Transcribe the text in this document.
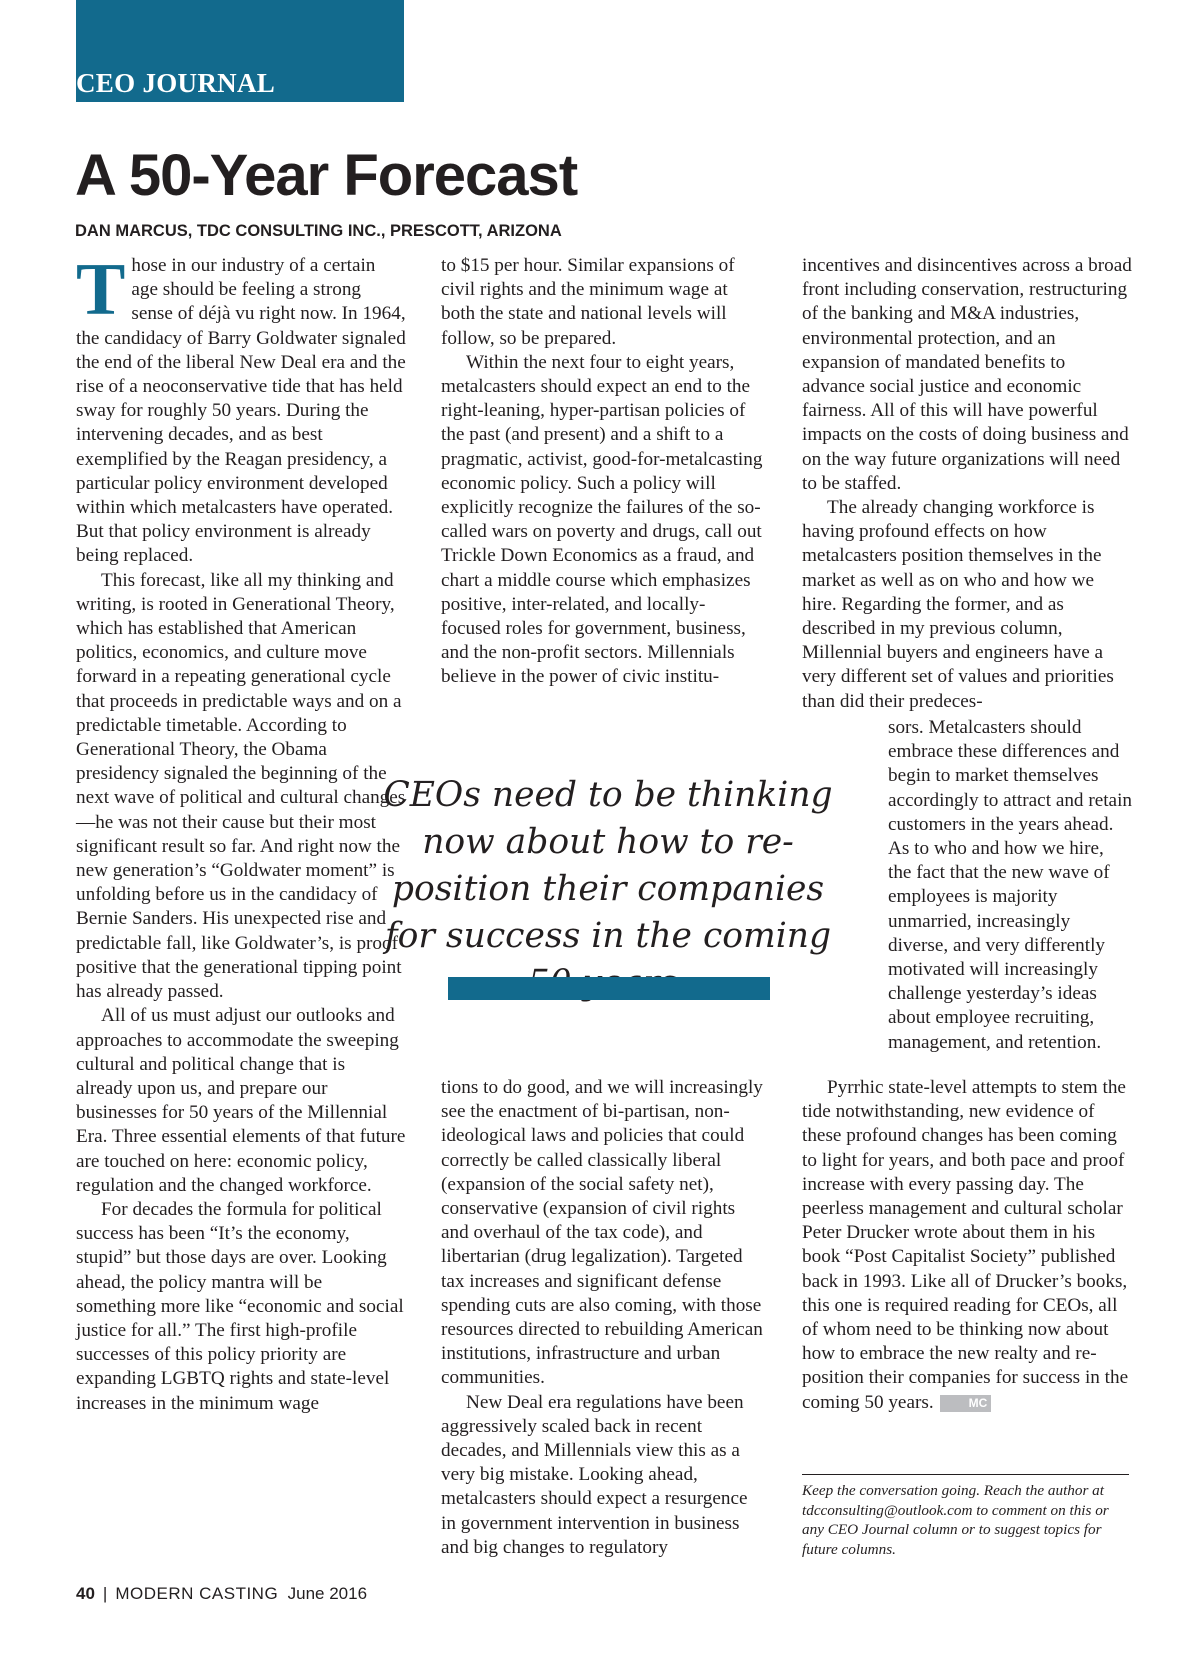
CEO JOURNAL
A 50-Year Forecast
DAN MARCUS, TDC CONSULTING INC., PRESCOTT, ARIZONA

Those in our industry of a certain age should be feeling a strong sense of déjà vu right now. In 1964, the candidacy of Barry Goldwater signaled the end of the liberal New Deal era and the rise of a neoconservative tide that has held sway for roughly 50 years. During the intervening decades, and as best exemplified by the Reagan presidency, a particular policy environment developed within which metalcasters have operated. But that policy environment is already being replaced.

This forecast, like all my thinking and writing, is rooted in Generational Theory, which has established that American politics, economics, and culture move forward in a repeating generational cycle that proceeds in predictable ways and on a predictable timetable. According to Generational Theory, the Obama presidency signaled the beginning of the next wave of political and cultural changes—he was not their cause but their most significant result so far. And right now the new generation’s “Goldwater moment” is unfolding before us in the candidacy of Bernie Sanders. His unexpected rise and predictable fall, like Goldwater’s, is proof positive that the generational tipping point has already passed.

All of us must adjust our outlooks and approaches to accommodate the sweeping cultural and political change that is already upon us, and prepare our businesses for 50 years of the Millennial Era. Three essential elements of that future are touched on here: economic policy, regulation and the changed workforce.

For decades the formula for political success has been “It’s the economy, stupid” but those days are over. Looking ahead, the policy mantra will be something more like “economic and social justice for all.” The first high-profile successes of this policy priority are expanding LGBTQ rights and state-level increases in the minimum wage

to $15 per hour. Similar expansions of civil rights and the minimum wage at both the state and national levels will follow, so be prepared.

Within the next four to eight years, metalcasters should expect an end to the right-leaning, hyper-partisan policies of the past (and present) and a shift to a pragmatic, activist, good-for-metalcasting economic policy. Such a policy will explicitly recognize the failures of the so-called wars on poverty and drugs, call out Trickle Down Economics as a fraud, and chart a middle course which emphasizes positive, inter-related, and locally-focused roles for government, business, and the non-profit sectors. Millennials believe in the power of civic institu-

CEOs need to be thinking now about how to re-position their companies for success in the coming

tions to do good, and we will increasingly see the enactment of bi-partisan, non-ideological laws and policies that could correctly be called classically liberal (expansion of the social safety net), conservative (expansion of civil rights and overhaul of the tax code), and libertarian (drug legalization). Targeted tax increases and significant defense spending cuts are also coming, with those resources directed to rebuilding American institutions, infrastructure and urban communities.

New Deal era regulations have been aggressively scaled back in recent decades, and Millennials view this as a very big mistake. Looking ahead, metalcasters should expect a resurgence in government intervention in business and big changes to regulatory

incentives and disincentives across a broad front including conservation, restructuring of the banking and M&A industries, environmental protection, and an expansion of mandated benefits to advance social justice and economic fairness. All of this will have powerful impacts on the costs of doing business and on the way future organizations will need to be staffed.

The already changing workforce is having profound effects on how metalcasters position themselves in the market as well as on who and how we hire. Regarding the former, and as described in my previous column, Millennial buyers and engineers have a very different set of values and priorities than did their predeces-

sors. Metalcasters should embrace these differences and begin to market themselves accordingly to attract and retain customers in the years ahead. As to who and how we hire, the fact that the new wave of employees is majority unmarried, increasingly diverse, and very differently motivated will increasingly challenge yesterday’s ideas about employee recruiting, management, and retention.

Pyrrhic state-level attempts to stem the tide notwithstanding, new evidence of these profound changes has been coming to light for years, and both pace and proof increase with every passing day. The peerless management and cultural scholar Peter Drucker wrote about them in his book “Post Capitalist Society” published back in 1993. Like all of Drucker’s books, this one is required reading for CEOs, all of whom need to be thinking now about how to embrace the new realty and re-position their companies for success in the coming 50 years.	MC

Keep the conversation going. Reach the author at tdcconsulting@outlook.com to comment on this or any CEO Journal column or to suggest topics for future columns.
40 | MODERN CASTING June 2016
